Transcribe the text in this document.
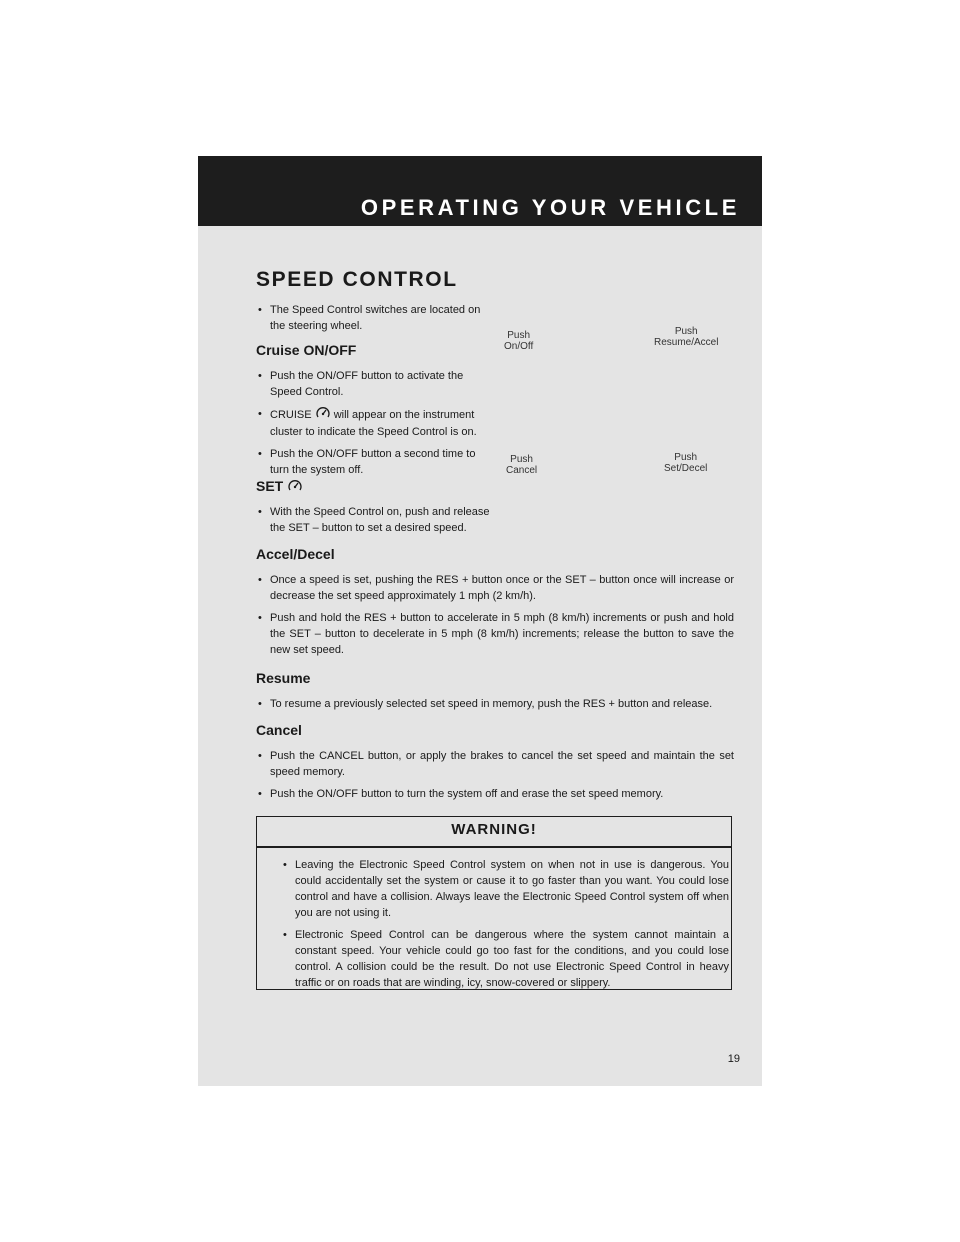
OPERATING YOUR VEHICLE
SPEED CONTROL
• The Speed Control switches are located on the steering wheel.
Cruise ON/OFF
• Push the ON/OFF button to activate the Speed Control.
• CRUISE will appear on the instrument cluster to indicate the Speed Control is on.
• Push the ON/OFF button a second time to turn the system off.
SET
• With the Speed Control on, push and release the SET – button to set a desired speed.
Push
On/Off
Push
Resume/Accel
Push
Cancel
Push
Set/Decel
Accel/Decel
• Once a speed is set, pushing the RES + button once or the SET – button once will increase or decrease the set speed approximately 1 mph (2 km/h).
• Push and hold the RES + button to accelerate in 5 mph (8 km/h) increments or push and hold the SET – button to decelerate in 5 mph (8 km/h) increments; release the button to save the new set speed.
Resume
• To resume a previously selected set speed in memory, push the RES + button and release.
Cancel
• Push the CANCEL button, or apply the brakes to cancel the set speed and maintain the set speed memory.
• Push the ON/OFF button to turn the system off and erase the set speed memory.
WARNING!
• Leaving the Electronic Speed Control system on when not in use is dangerous. You could accidentally set the system or cause it to go faster than you want. You could lose control and have a collision. Always leave the Electronic Speed Control system off when you are not using it.
• Electronic Speed Control can be dangerous where the system cannot maintain a constant speed. Your vehicle could go too fast for the conditions, and you could lose control. A collision could be the result. Do not use Electronic Speed Control in heavy traffic or on roads that are winding, icy, snow-covered or slippery.
19
